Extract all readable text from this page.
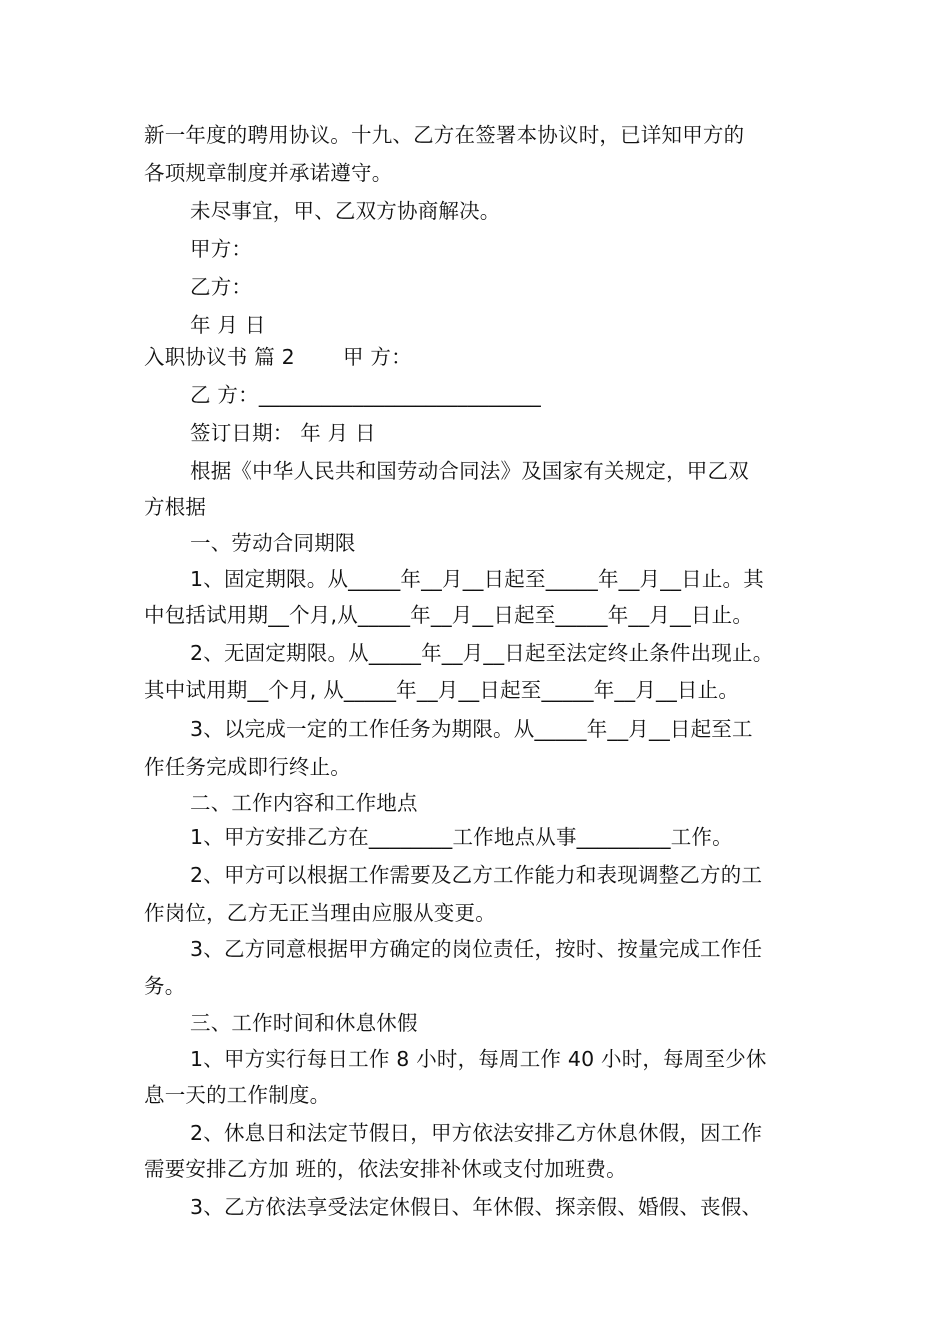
新一年度的聘用协议。十九、乙方在签署本协议时，已详知甲方的
各项规章制度并承诺遵守。
未尽事宜，甲、乙双方协商解决。
甲方：
乙方：
年 月 日
入职协议书 篇 2　　 甲 方：
乙 方：___________________________
签订日期： 年 月 日
根据《中华人民共和国劳动合同法》及国家有关规定，甲乙双
方根据
一、劳动合同期限
1、固定期限。从_____年__月__日起至_____年__月__日止。其
中包括试用期__个月,从_____年__月__日起至_____年__月__日止。
2、无固定期限。从_____年__月__日起至法定终止条件出现止。
其中试用期__个月, 从_____年__月__日起至_____年__月__日止。
3、以完成一定的工作任务为期限。从_____年__月__日起至工
作任务完成即行终止。
二、工作内容和工作地点
1、甲方安排乙方在________工作地点从事_________工作。
2、甲方可以根据工作需要及乙方工作能力和表现调整乙方的工
作岗位，乙方无正当理由应服从变更。
3、乙方同意根据甲方确定的岗位责任，按时、按量完成工作任
务。
三、工作时间和休息休假
1、甲方实行每日工作 8 小时，每周工作 40 小时，每周至少休
息一天的工作制度。
2、休息日和法定节假日，甲方依法安排乙方休息休假，因工作
需要安排乙方加 班的，依法安排补休或支付加班费。
3、乙方依法享受法定休假日、年休假、探亲假、婚假、丧假、
